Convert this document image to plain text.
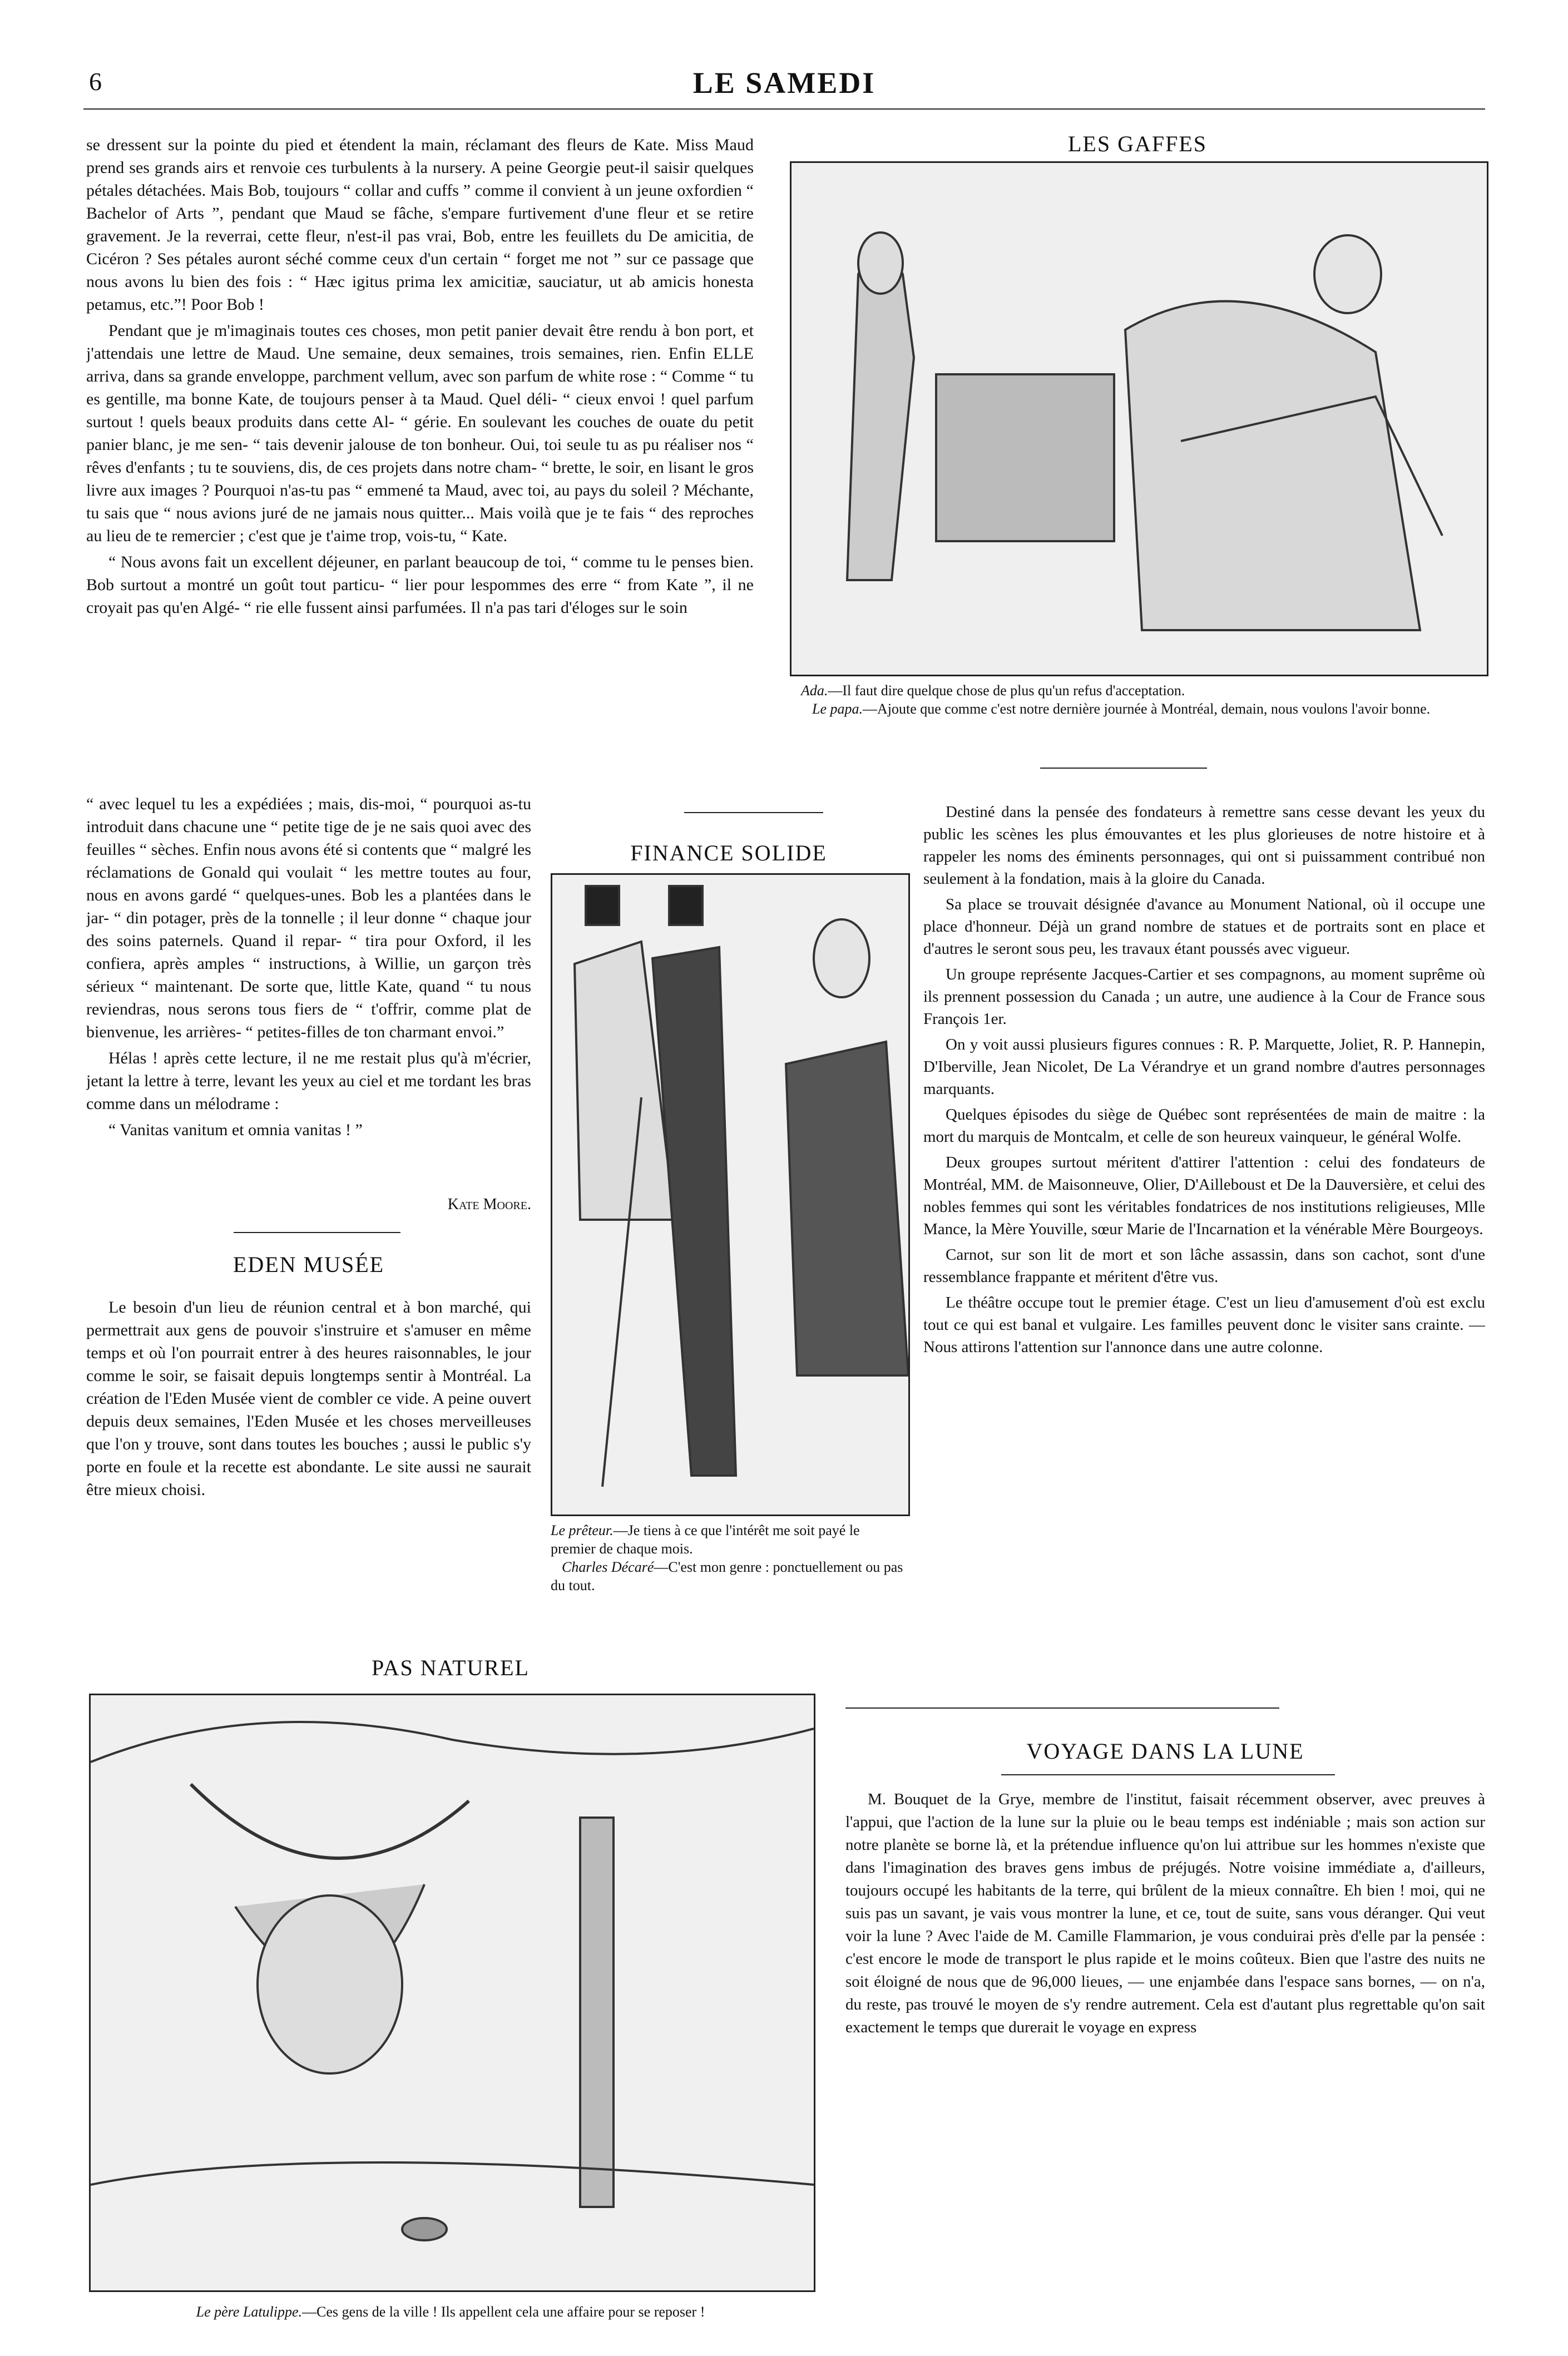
6	LE SAMEDI

se dressent sur la pointe du pied et étendent la main, réclamant des fleurs de Kate. Miss Maud prend ses grands airs et renvoie ces turbulents à la nursery. A peine Georgie peut-il saisir quelques pétales détachées. Mais Bob, toujours “ collar and cuffs ” comme il convient à un jeune oxfordien “ Bachelor of Arts ”, pendant que Maud se fâche, s'empare furtivement d'une fleur et se retire gravement. Je la reverrai, cette fleur, n'est-il pas vrai, Bob, entre les feuillets du De amicitia, de Cicéron ? Ses pétales auront séché comme ceux d'un certain “ forget me not ” sur ce passage que nous avons lu bien des fois : “ Hæc igitus prima lex amicitiæ, sauciatur, ut ab amicis honesta petamus, etc.”! Poor Bob !

Pendant que je m'imaginais toutes ces choses, mon petit panier devait être rendu à bon port, et j'attendais une lettre de Maud. Une semaine, deux semaines, trois semaines, rien. Enfin ELLE arriva, dans sa grande enveloppe, parchment vellum, avec son parfum de white rose : “ Comme “ tu es gentille, ma bonne Kate, de toujours penser à ta Maud. Quel déli- “ cieux envoi ! quel parfum surtout ! quels beaux produits dans cette Al- “ gérie. En soulevant les couches de ouate du petit panier blanc, je me sen- “ tais devenir jalouse de ton bonheur. Oui, toi seule tu as pu réaliser nos “ rêves d'enfants ; tu te souviens, dis, de ces projets dans notre cham- “ brette, le soir, en lisant le gros livre aux images ? Pourquoi n'as-tu pas “ emmené ta Maud, avec toi, au pays du soleil ? Méchante, tu sais que “ nous avions juré de ne jamais nous quitter... Mais voilà que je te fais “ des reproches au lieu de te remercier ; c'est que je t'aime trop, vois-tu, “ Kate.

“ Nous avons fait un excellent déjeuner, en parlant beaucoup de toi, “ comme tu le penses bien. Bob surtout a montré un goût tout particu- “ lier pour lespommes des erre “ from Kate ”, il ne croyait pas qu'en Algé- “ rie elle fussent ainsi parfumées. Il n'a pas tari d'éloges sur le soin

“ avec lequel tu les a expédiées ; mais, dis-moi, “ pourquoi as-tu introduit dans chacune une “ petite tige de je ne sais quoi avec des feuilles “ sèches. Enfin nous avons été si contents que “ malgré les réclamations de Gonald qui voulait “ les mettre toutes au four, nous en avons gardé “ quelques-unes. Bob les a plantées dans le jar- “ din potager, près de la tonnelle ; il leur donne “ chaque jour des soins paternels. Quand il repar- “ tira pour Oxford, il les confiera, après amples “ instructions, à Willie, un garçon très sérieux “ maintenant. De sorte que, little Kate, quand “ tu nous reviendras, nous serons tous fiers de “ t'offrir, comme plat de bienvenue, les arrières- “ petites-filles de ton charmant envoi.”

Hélas ! après cette lecture, il ne me restait plus qu'à m'écrier, jetant la lettre à terre, levant les yeux au ciel et me tordant les bras comme dans un mélodrame :

“ Vanitas vanitum et omnia vanitas ! ”

Kate Moore.
EDEN MUSÉE

Le besoin d'un lieu de réunion central et à bon marché, qui permettrait aux gens de pouvoir s'instruire et s'amuser en même temps et où l'on pourrait entrer à des heures raisonnables, le jour comme le soir, se faisait depuis longtemps sentir à Montréal. La création de l'Eden Musée vient de combler ce vide. A peine ouvert depuis deux semaines, l'Eden Musée et les choses merveilleuses que l'on y trouve, sont dans toutes les bouches ; aussi le public s'y porte en foule et la recette est abondante. Le site aussi ne saurait être mieux choisi.

LES GAFFES

Ada.—Il faut dire quelque chose de plus qu'un refus d'acceptation.

Le papa.—Ajoute que comme c'est notre dernière journée à Montréal, demain, nous voulons l'avoir bonne.

FINANCE SOLIDE

Le prêteur.—Je tiens à ce que l'intérêt me soit payé le premier de chaque mois.

Charles Décaré—C'est mon genre : ponctuellement ou pas du tout.

Destiné dans la pensée des fondateurs à remettre sans cesse devant les yeux du public les scènes les plus émouvantes et les plus glorieuses de notre histoire et à rappeler les noms des éminents personnages, qui ont si puissamment contribué non seulement à la fondation, mais à la gloire du Canada.

Sa place se trouvait désignée d'avance au Monument National, où il occupe une place d'honneur. Déjà un grand nombre de statues et de portraits sont en place et d'autres le seront sous peu, les travaux étant poussés avec vigueur.

Un groupe représente Jacques-Cartier et ses compagnons, au moment suprême où ils prennent possession du Canada ; un autre, une audience à la Cour de France sous François 1er.

On y voit aussi plusieurs figures connues : R. P. Marquette, Joliet, R. P. Hannepin, D'Iberville, Jean Nicolet, De La Vérandrye et un grand nombre d'autres personnages marquants.

Quelques épisodes du siège de Québec sont représentées de main de maitre : la mort du marquis de Montcalm, et celle de son heureux vainqueur, le général Wolfe.

Deux groupes surtout méritent d'attirer l'attention : celui des fondateurs de Montréal, MM. de Maisonneuve, Olier, D'Ailleboust et De la Dauversière, et celui des nobles femmes qui sont les véritables fondatrices de nos institutions religieuses, Mlle Mance, la Mère Youville, sœur Marie de l'Incarnation et la vénérable Mère Bourgeoys.

Carnot, sur son lit de mort et son lâche assassin, dans son cachot, sont d'une ressemblance frappante et méritent d'être vus.

Le théâtre occupe tout le premier étage. C'est un lieu d'amusement d'où est exclu tout ce qui est banal et vulgaire. Les familles peuvent donc le visiter sans crainte. — Nous attirons l'attention sur l'annonce dans une autre colonne.

PAS NATUREL
Le père Latulippe.—Ces gens de la ville ! Ils appellent cela une affaire pour se reposer !
VOYAGE DANS LA LUNE

M. Bouquet de la Grye, membre de l'institut, faisait récemment observer, avec preuves à l'appui, que l'action de la lune sur la pluie ou le beau temps est indéniable ; mais son action sur notre planète se borne là, et la prétendue influence qu'on lui attribue sur les hommes n'existe que dans l'imagination des braves gens imbus de préjugés. Notre voisine immédiate a, d'ailleurs, toujours occupé les habitants de la terre, qui brûlent de la mieux connaître. Eh bien ! moi, qui ne suis pas un savant, je vais vous montrer la lune, et ce, tout de suite, sans vous déranger. Qui veut voir la lune ? Avec l'aide de M. Camille Flammarion, je vous conduirai près d'elle par la pensée : c'est encore le mode de transport le plus rapide et le moins coûteux. Bien que l'astre des nuits ne soit éloigné de nous que de 96,000 lieues, — une enjambée dans l'espace sans bornes, — on n'a, du reste, pas trouvé le moyen de s'y rendre autrement. Cela est d'autant plus regrettable qu'on sait exactement le temps que durerait le voyage en express
